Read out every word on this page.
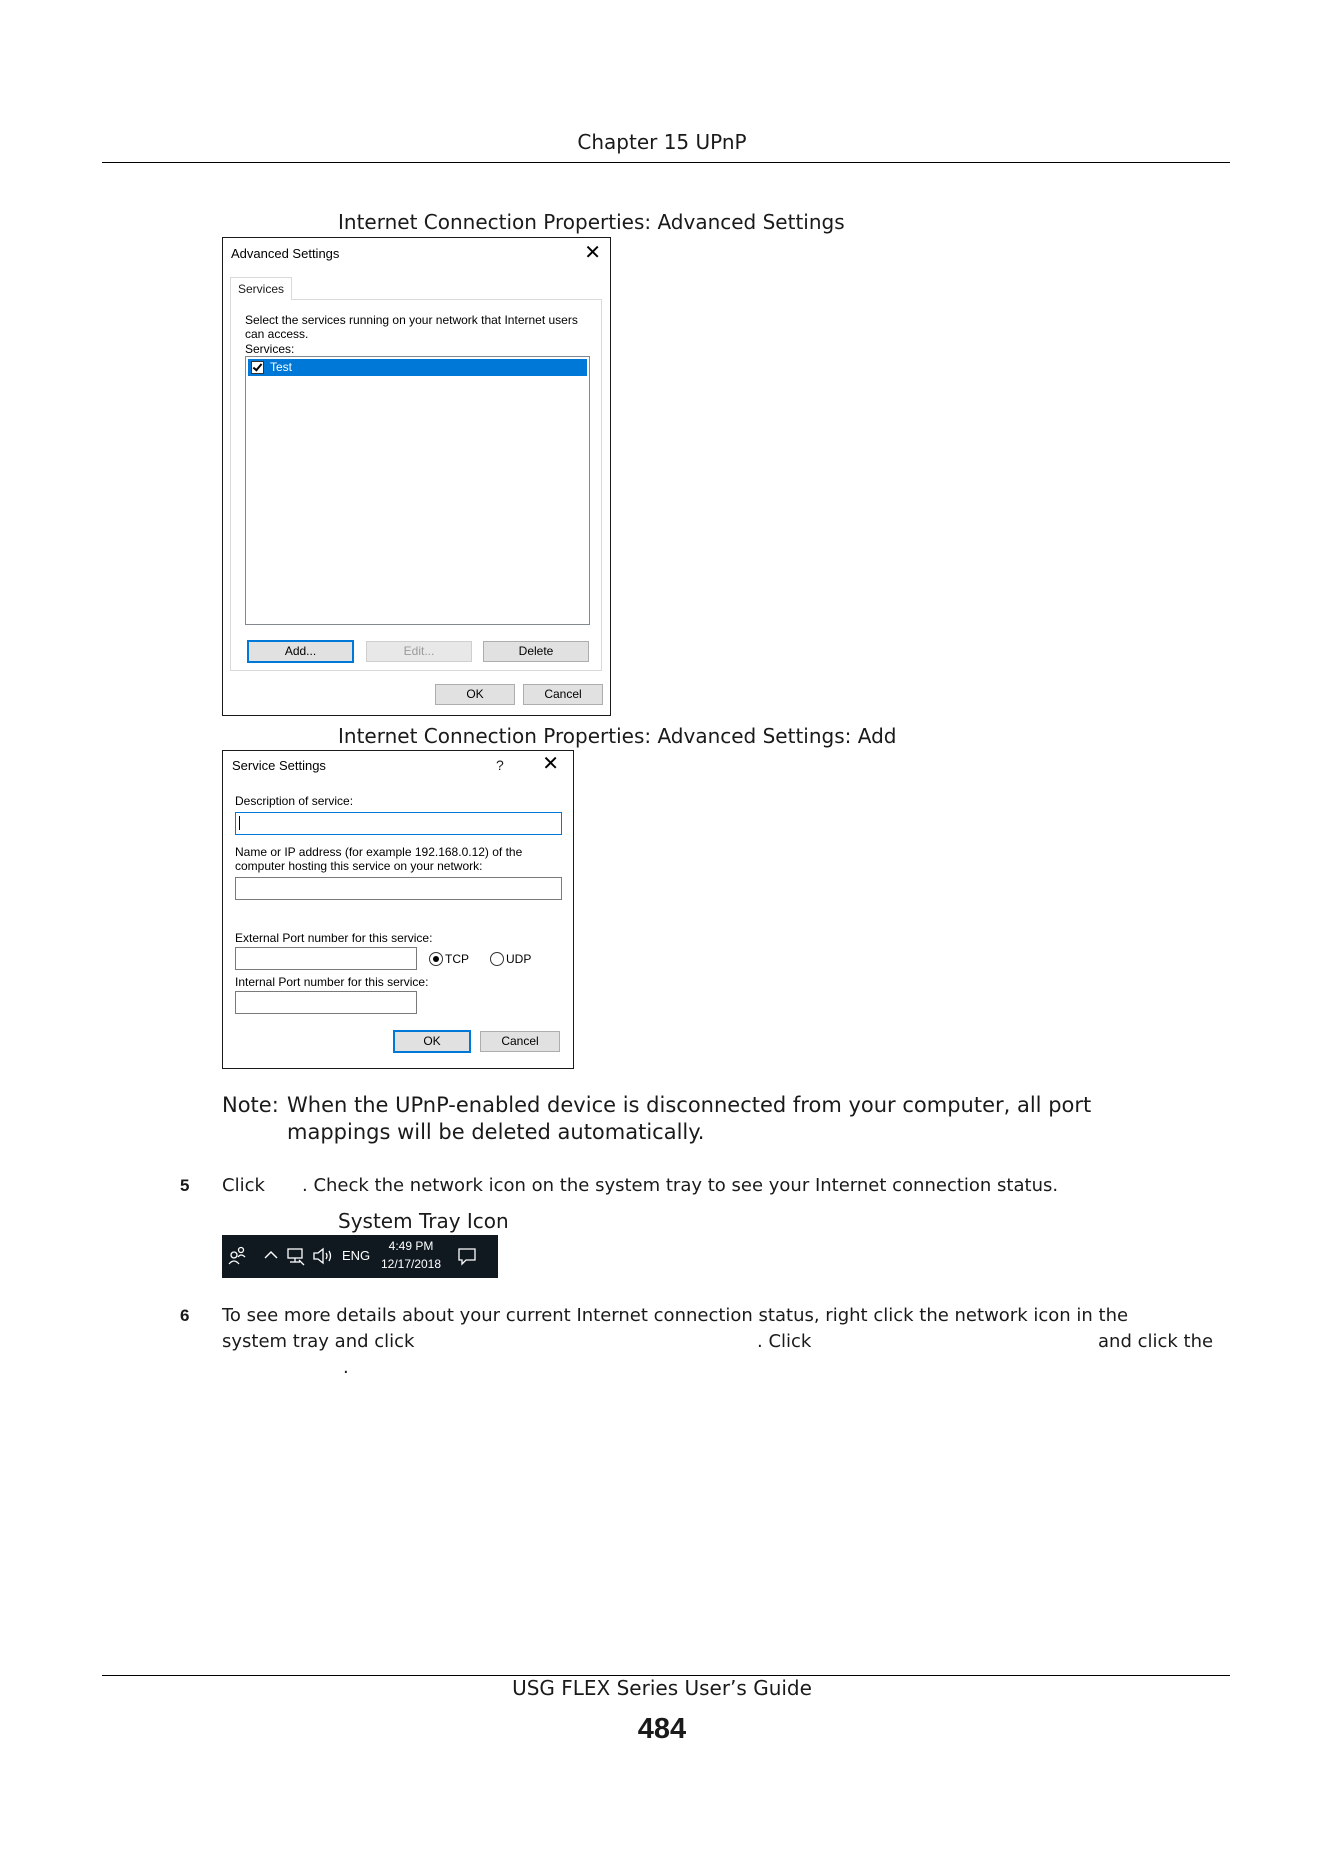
Chapter 15 UPnP
Internet Connection Properties: Advanced Settings
Advanced Settings	✕
Services
Select the services running on your network that Internet users can access.
Services:
Test
Add...	Edit...	Delete
OK	Cancel
Internet Connection Properties: Advanced Settings: Add
Service Settings	? ✕
Description of service:
Name or IP address (for example 192.168.0.12) of the computer hosting this service on your network:
External Port number for this service:
TCP	UDP
Internal Port number for this service:
OK	Cancel
Note: When the UPnP-enabled device is disconnected from your computer, all port mappings will be deleted automatically.
5 Click . Check the network icon on the system tray to see your Internet connection status.
System Tray Icon
ENG
4:49 PM
12/17/2018
6 To see more details about your current Internet connection status, right click the network icon in the
system tray and click	. Click	and click the
.
USG FLEX Series User’s Guide
484
